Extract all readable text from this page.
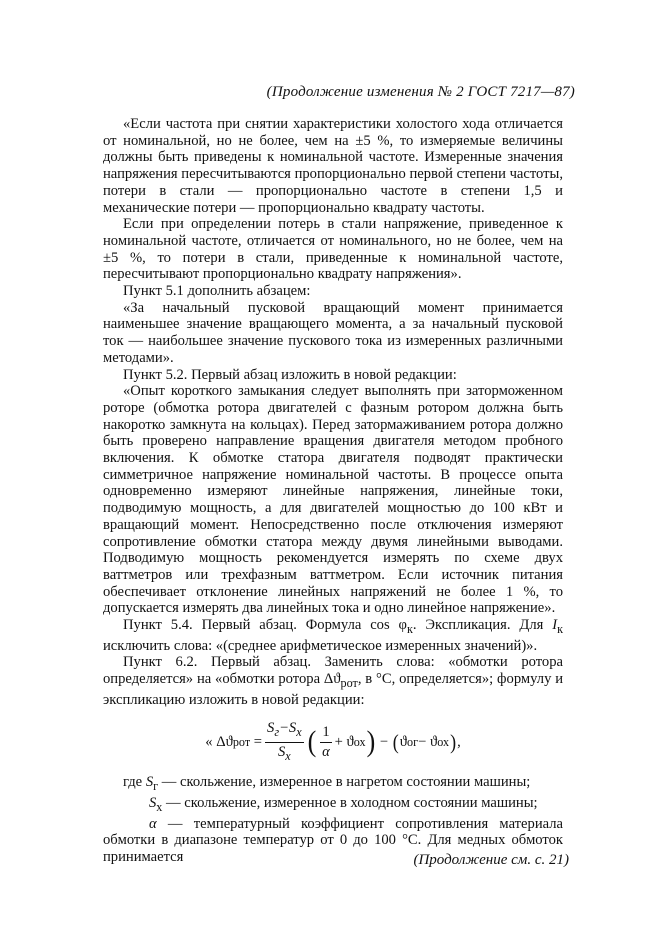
(Продолжение изменения № 2 ГОСТ 7217—87)

«Если частота при снятии характеристики холостого хода отличается от номинальной, но не более, чем на ±5 %, то измеряемые величины должны быть приведены к номинальной частоте. Измеренные значения напряжения пересчитываются пропорционально первой степени частоты, потери в стали — пропорционально частоте в степени 1,5 и механические потери — пропорционально квадрату частоты.

Если при определении потерь в стали напряжение, приведенное к номинальной частоте, отличается от номинального, но не более, чем на ±5 %, то потери в стали, приведенные к номинальной частоте, пересчитывают пропорционально квадрату напряжения».

Пункт 5.1 дополнить абзацем:

«За начальный пусковой вращающий момент принимается наименьшее значение вращающего момента, а за начальный пусковой ток — наибольшее значение пускового тока из измеренных различными методами».

Пункт 5.2. Первый абзац изложить в новой редакции:

«Опыт короткого замыкания следует выполнять при заторможенном роторе (обмотка ротора двигателей с фазным ротором должна быть накоротко замкнута на кольцах). Перед затормаживанием ротора должно быть проверено направление вращения двигателя методом пробного включения. К обмотке статора двигателя подводят практически симметричное напряжение номинальной частоты. В процессе опыта одновременно измеряют линейные напряжения, линейные токи, подводимую мощность, а для двигателей мощностью до 100 кВт и вращающий момент. Непосредственно после отключения измеряют сопротивление обмотки статора между двумя линейными выводами. Подводимую мощность рекомендуется измерять по схеме двух ваттметров или трехфазным ваттметром. Если источник питания обеспечивает отклонение линейных напряжений не более 1 %, то допускается измерять два линейных тока и одно линейное напряжение».

Пункт 5.4. Первый абзац. Формула $\cos \varphi_к$. Экспликация. Для $I_к$ исключить слова: «(среднее арифметическое измеренных значений)».

Пункт 6.2. Первый абзац. Заменить слова: «обмотки ротора определяется» на «обмотки ротора $\Delta ϑ_{рот}$, в °С, определяется»; формулу и экспликацию изложить в новой редакции:

«
Δϑ рот
= $\frac{S_г-S_x}{S_x}$ ( $\frac{1}{\alpha} + ϑ$ ох )
−
( ϑ ог − ϑ ох ) ,

где $S_г$ — скольжение, измеренное в нагретом состоянии машины;

$S_x$ — скольжение, измеренное в холодном состоянии машины;

α — температурный коэффициент сопротивления материала обмотки в диапазоне температур от 0 до 100 °С. Для медных обмоток принимается	(Продолжение см. с. 21)
